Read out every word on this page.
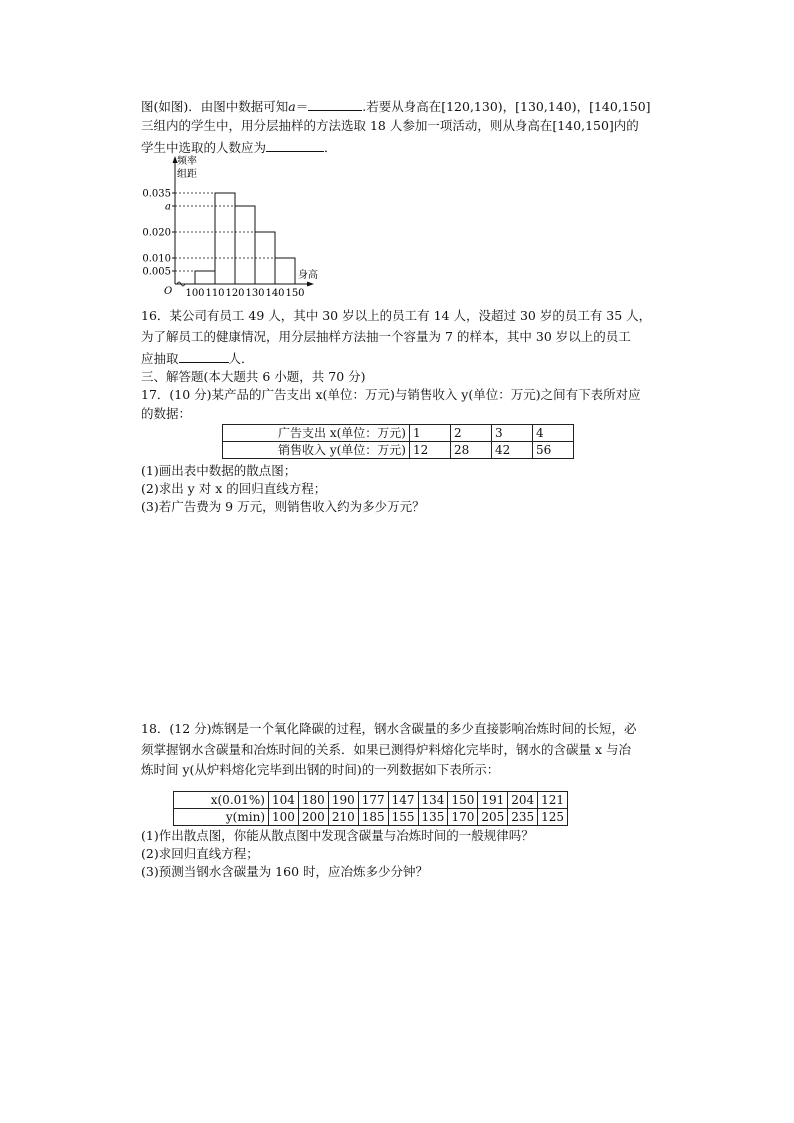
图(如图)．由图中数据可知a＝	.若要从身高在[120,130)，[130,140)，[140,150]
三组内的学生中，用分层抽样的方法选取 18 人参加一项活动，则从身高在[140,150]内的
学生中选取的人数应为	．
频率
组距
身高
O
0.035
a
0.020
0.010
0.005
100 110 120 130 140 150
16．某公司有员工 49 人，其中 30 岁以上的员工有 14 人，没超过 30 岁的员工有 35 人，
为了解员工的健康情况，用分层抽样方法抽一个容量为 7 的样本，其中 30 岁以上的员工
应抽取	人．
三、解答题(本大题共 6 小题，共 70 分)
17．(10 分)某产品的广告支出 x(单位：万元)与销售收入 y(单位：万元)之间有下表所对应
的数据：
广告支出 x(单位：万元)	1	2	3	4
销售收入 y(单位：万元)	12	28	42	56
(1)画出表中数据的散点图；
(2)求出 y 对 x 的回归直线方程；
(3)若广告费为 9 万元，则销售收入约为多少万元？
18．(12 分)炼钢是一个氧化降碳的过程，钢水含碳量的多少直接影响冶炼时间的长短，必
须掌握钢水含碳量和冶炼时间的关系．如果已测得炉料熔化完毕时，钢水的含碳量 x 与冶
炼时间 y(从炉料熔化完毕到出钢的时间)的一列数据如下表所示：
x(0.01%)	104	180	190	177	147	134	150	191	204	121
y(min)	100	200	210	185	155	135	170	205	235	125
(1)作出散点图，你能从散点图中发现含碳量与冶炼时间的一般规律吗？
(2)求回归直线方程；
(3)预测当钢水含碳量为 160 时，应冶炼多少分钟？
